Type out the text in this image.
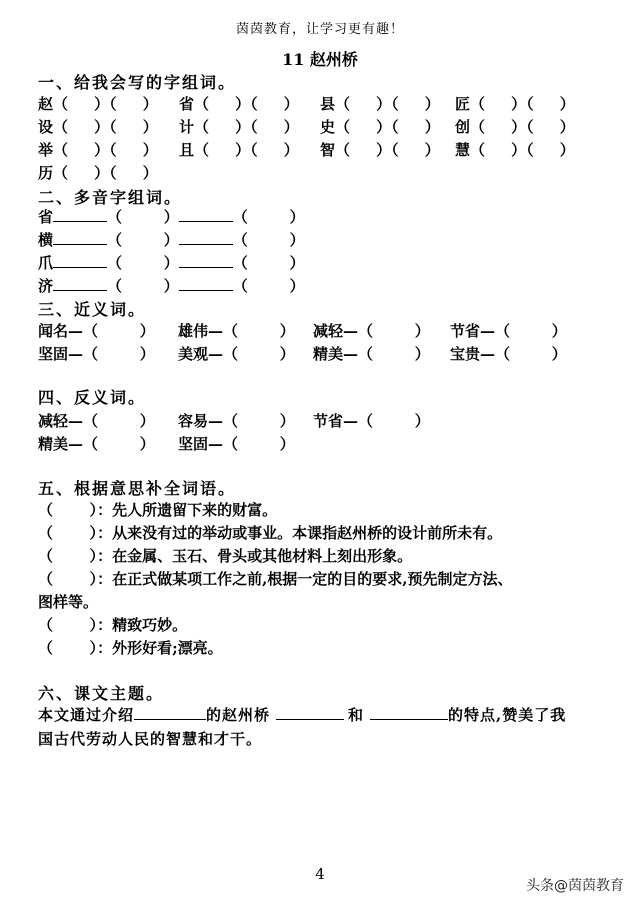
茵茵教育，让学习更有趣！
11 赵州桥
一、给我会写的字组词。
赵（     ）（     ） 省（     ）（     ） 县（     ）（     ） 匠（     ）（     ）
设（     ）（     ） 计（     ）（     ） 史（     ）（     ） 创（     ）（     ）
举（     ）（     ） 且（     ）（     ） 智（     ）（     ） 慧（     ）（     ）
历（     ）（     ）
二、多音字组词。
省	（        ）	（        ）
横	（        ）	（        ）
爪	（        ）	（        ）
济	（        ）	（        ）
三、近义词。
闻名—（        ） 雄伟—（        ） 减轻—（        ） 节省—（        ）
坚固—（        ） 美观—（        ） 精美—（        ） 宝贵—（        ）
四、反义词。
减轻—（        ） 容易—（        ） 节省—（        ）
精美—（        ） 坚固—（        ）
五、根据意思补全词语。
（       ）：先人所遗留下来的财富。
（       ）：从来没有过的举动或事业。本课指赵州桥的设计前所未有。
（       ）：在金属、玉石、骨头或其他材料上刻出形象。
（       ）：在正式做某项工作之前,根据一定的目的要求,预先制定方法、
（       ）：精致巧妙。
（       ）：外形好看;漂亮。
图样等。
六、课文主题。
本文通过介绍	的赵州桥	和	的特点,赞美了我
国古代劳动人民的智慧和才干。
4
头条@茵茵教育
